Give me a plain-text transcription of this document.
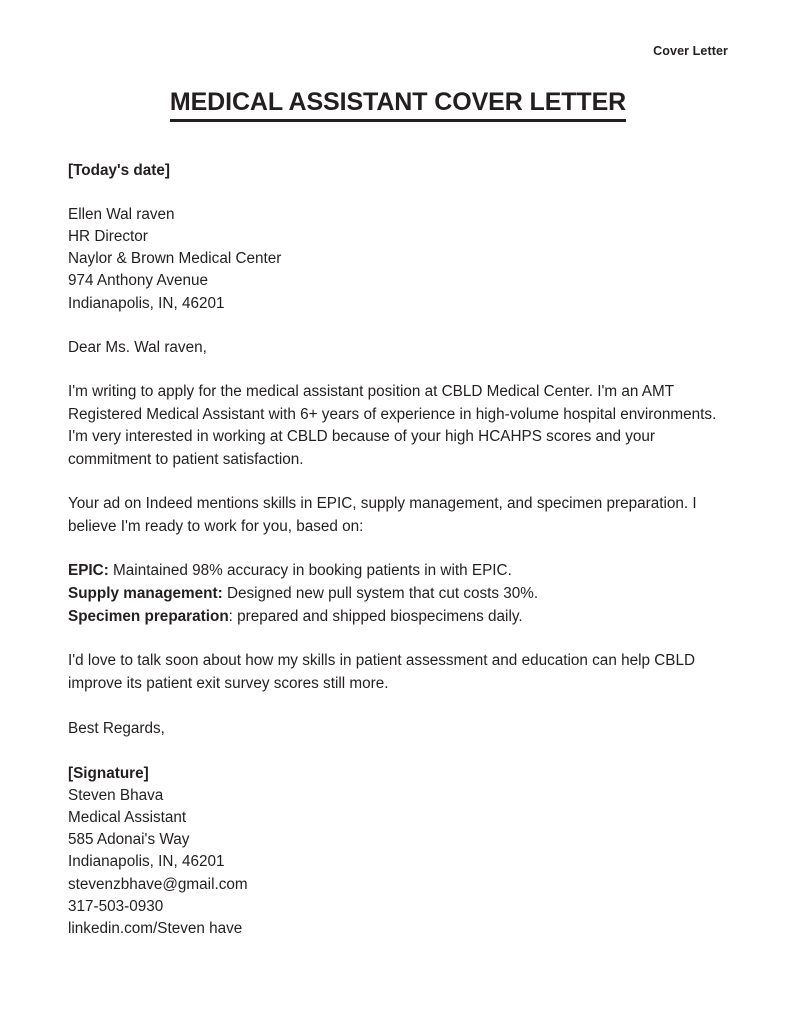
Cover Letter
MEDICAL ASSISTANT COVER LETTER
[Today's date]
Ellen Wal raven
HR Director
Naylor & Brown Medical Center
974 Anthony Avenue
Indianapolis, IN, 46201
Dear Ms. Wal raven,
I'm writing to apply for the medical assistant position at CBLD Medical Center. I'm an AMT Registered Medical Assistant with 6+ years of experience in high-volume hospital environments. I'm very interested in working at CBLD because of your high HCAHPS scores and your commitment to patient satisfaction.
Your ad on Indeed mentions skills in EPIC, supply management, and specimen preparation. I believe I'm ready to work for you, based on:
EPIC: Maintained 98% accuracy in booking patients in with EPIC.
Supply management: Designed new pull system that cut costs 30%.
Specimen preparation: prepared and shipped biospecimens daily.
I'd love to talk soon about how my skills in patient assessment and education can help CBLD improve its patient exit survey scores still more.
Best Regards,
[Signature]
Steven Bhava
Medical Assistant
585 Adonai's Way
Indianapolis, IN, 46201
stevenzbhave@gmail.com
317-503-0930
linkedin.com/Steven have
